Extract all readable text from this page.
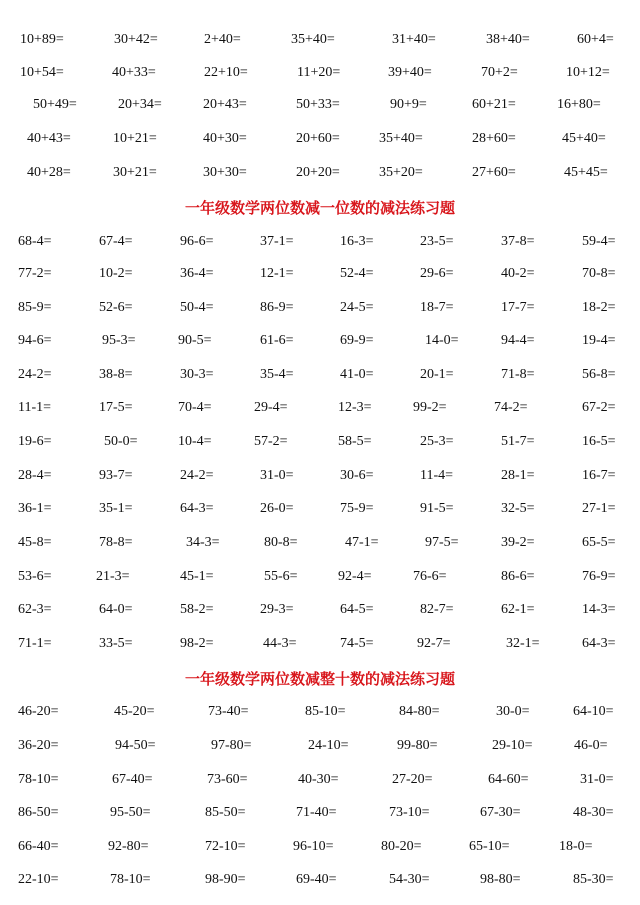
10+89=	30+42=	2+40=	35+40=	31+40=	38+40=	60+4=
10+54=	40+33=	22+10=	11+20=	39+40=	70+2=	10+12=
50+49=	20+34=	20+43=	50+33=	90+9=	60+21=	16+80=
40+43=	10+21=	40+30=	20+60=	35+40=	28+60=	45+40=
40+28=	30+21=	30+30=	20+20=	35+20=	27+60=	45+45=
一年级数学两位数减一位数的减法练习题
68-4=	67-4=	96-6=	37-1=	16-3=	23-5=	37-8=	59-4=
77-2=	10-2=	36-4=	12-1=	52-4=	29-6=	40-2=	70-8=
85-9=	52-6=	50-4=	86-9=	24-5=	18-7=	17-7=	18-2=
94-6=	95-3=	90-5=	61-6=	69-9=	14-0=	94-4=	19-4=
24-2=	38-8=	30-3=	35-4=	41-0=	20-1=	71-8=	56-8=
11-1=	17-5=	70-4=	29-4=	12-3=	99-2=	74-2=	67-2=
19-6=	50-0=	10-4=	57-2=	58-5=	25-3=	51-7=	16-5=
28-4=	93-7=	24-2=	31-0=	30-6=	11-4=	28-1=	16-7=
36-1=	35-1=	64-3=	26-0=	75-9=	91-5=	32-5=	27-1=
45-8=	78-8=	34-3=	80-8=	47-1=	97-5=	39-2=	65-5=
53-6=	21-3=	45-1=	55-6=	92-4=	76-6=	86-6=	76-9=
62-3=	64-0=	58-2=	29-3=	64-5=	82-7=	62-1=	14-3=
71-1=	33-5=	98-2=	44-3=	74-5=	92-7=	32-1=	64-3=
一年级数学两位数减整十数的减法练习题
46-20=	45-20=	73-40=	85-10=	84-80=	30-0=	64-10=
36-20=	94-50=	97-80=	24-10=	99-80=	29-10=	46-0=
78-10=	67-40=	73-60=	40-30=	27-20=	64-60=	31-0=
86-50=	95-50=	85-50=	71-40=	73-10=	67-30=	48-30=
66-40=	92-80=	72-10=	96-10=	80-20=	65-10=	18-0=
22-10=	78-10=	98-90=	69-40=	54-30=	98-80=	85-30=
